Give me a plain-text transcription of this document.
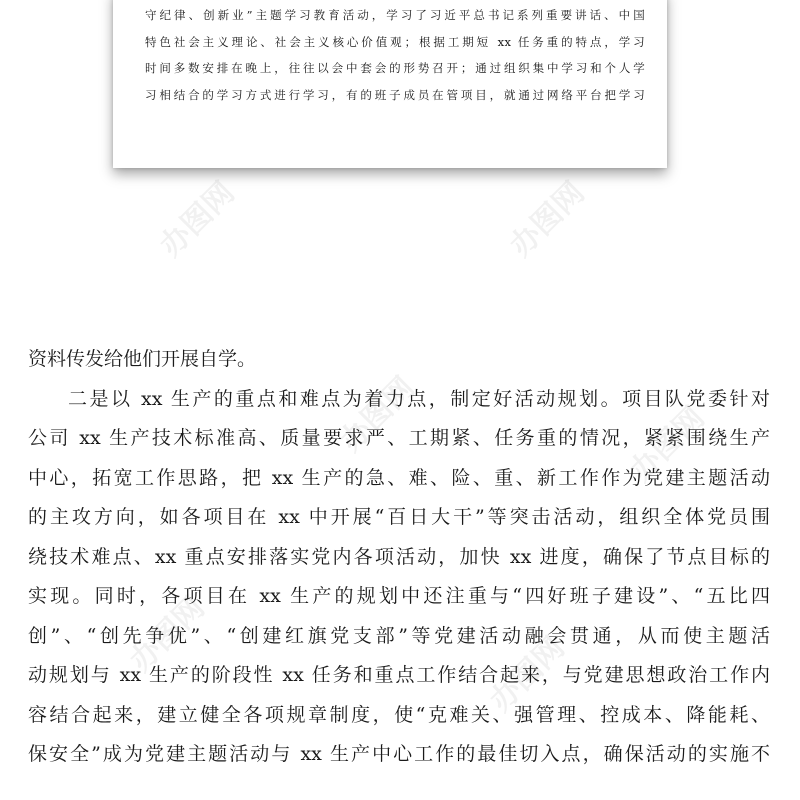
办图网	办图网
办图网	办图网
办图网	办图网
守纪律、创新业”主题学习教育活动，学习了习近平总书记系列重要讲话、中国
特色社会主义理论、社会主义核心价值观；根据工期短 xx 任务重的特点，学习
时间多数安排在晚上，往往以会中套会的形势召开；通过组织集中学习和个人学
习相结合的学习方式进行学习，有的班子成员在管项目，就通过网络平台把学习
资料传发给他们开展自学。
二是以 xx 生产的重点和难点为着力点，制定好活动规划。项目队党委针对
公司 xx 生产技术标准高、质量要求严、工期紧、任务重的情况，紧紧围绕生产
中心，拓宽工作思路，把 xx 生产的急、难、险、重、新工作作为党建主题活动
的主攻方向，如各项目在 xx 中开展“百日大干”等突击活动，组织全体党员围
绕技术难点、xx 重点安排落实党内各项活动，加快 xx 进度，确保了节点目标的
实现。同时，各项目在 xx 生产的规划中还注重与“四好班子建设”、“五比四
创”、“创先争优”、“创建红旗党支部”等党建活动融会贯通，从而使主题活
动规划与 xx 生产的阶段性 xx 任务和重点工作结合起来，与党建思想政治工作内
容结合起来，建立健全各项规章制度，使“克难关、强管理、控成本、降能耗、
保安全”成为党建主题活动与 xx 生产中心工作的最佳切入点，确保活动的实施不
